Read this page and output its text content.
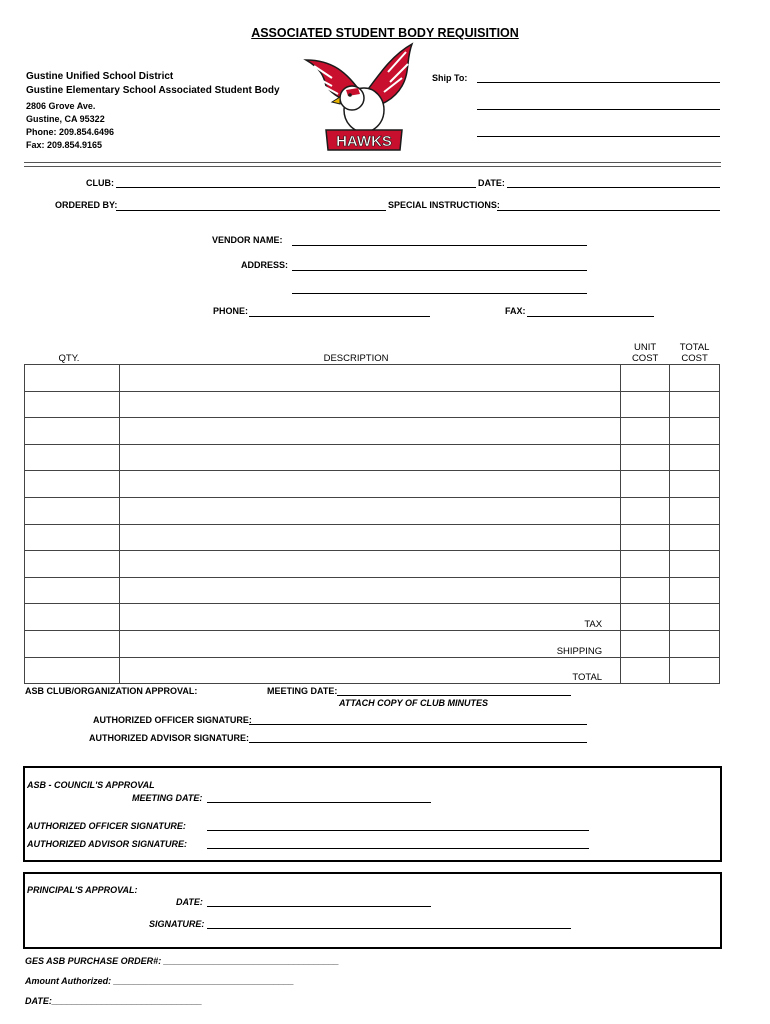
ASSOCIATED STUDENT BODY REQUISITION
Gustine Unified School District
Gustine Elementary School Associated Student Body
2806 Grove Ave.
Gustine, CA 95322
Phone: 209.854.6496
Fax: 209.854.9165	HAWKS
Ship To:
CLUB:	DATE:
ORDERED BY:	SPECIAL INSTRUCTIONS:
VENDOR NAME:
ADDRESS:
PHONE:	FAX:
QTY.	DESCRIPTION	UNIT COST	TOTAL COST

	TAX		
	SHIPPING		
	TOTAL		
ASB CLUB/ORGANIZATION APPROVAL:	MEETING DATE:
ATTACH COPY OF CLUB MINUTES
AUTHORIZED OFFICER SIGNATURE:
AUTHORIZED ADVISOR SIGNATURE:
ASB - COUNCIL'S APPROVAL
MEETING DATE:
AUTHORIZED OFFICER SIGNATURE:
AUTHORIZED ADVISOR SIGNATURE:
PRINCIPAL'S APPROVAL:
DATE:
SIGNATURE:
GES ASB PURCHASE ORDER#: ___________________________________
Amount Authorized: ____________________________________
DATE:______________________________
